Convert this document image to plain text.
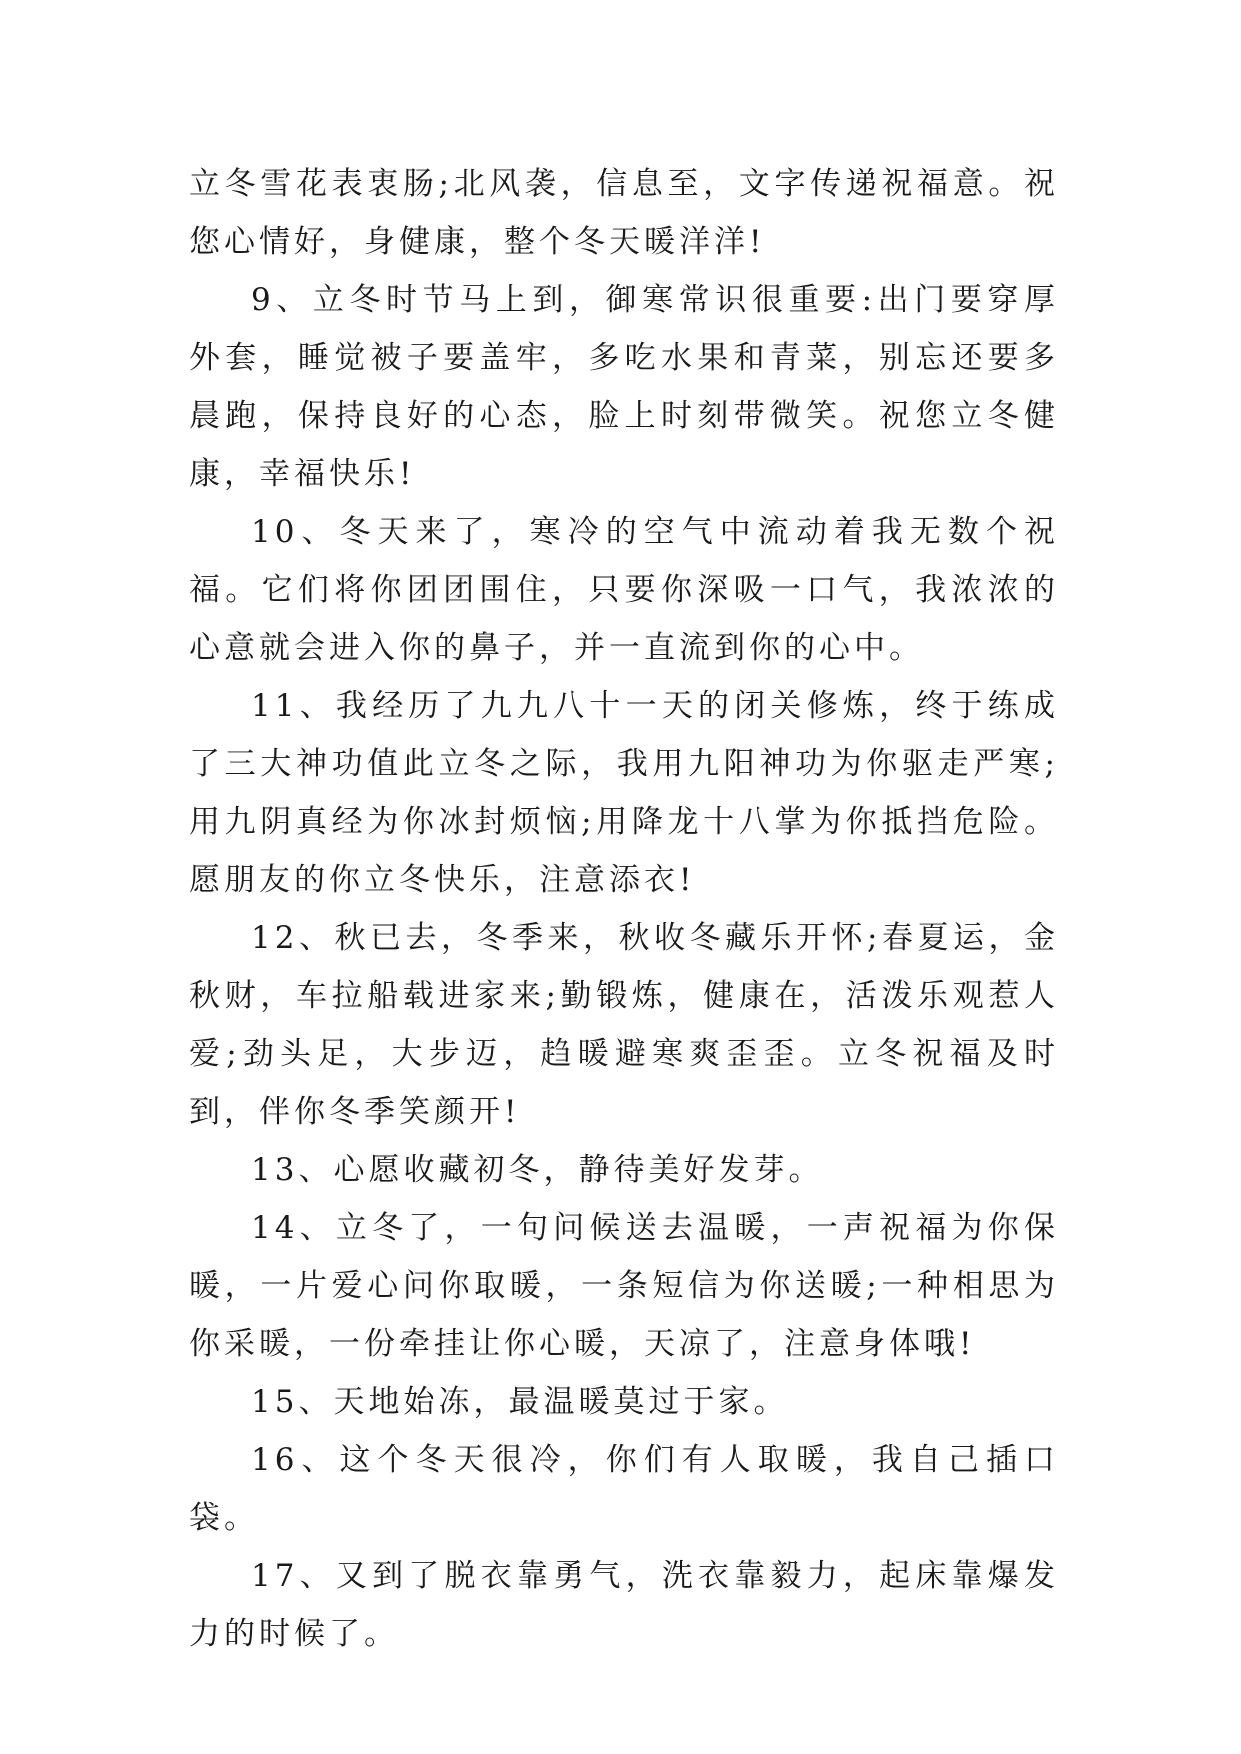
立冬雪花表衷肠;北风袭，信息至，文字传递祝福意。祝您心情好，身健康，整个冬天暖洋洋!

9、立冬时节马上到，御寒常识很重要:出门要穿厚外套，睡觉被子要盖牢，多吃水果和青菜，别忘还要多晨跑，保持良好的心态，脸上时刻带微笑。祝您立冬健康，幸福快乐!

10、冬天来了，寒冷的空气中流动着我无数个祝福。它们将你团团围住，只要你深吸一口气，我浓浓的心意就会进入你的鼻子，并一直流到你的心中。

11、我经历了九九八十一天的闭关修炼，终于练成了三大神功值此立冬之际，我用九阳神功为你驱走严寒;用九阴真经为你冰封烦恼;用降龙十八掌为你抵挡危险。愿朋友的你立冬快乐，注意添衣!

12、秋已去，冬季来，秋收冬藏乐开怀;春夏运，金秋财，车拉船载进家来;勤锻炼，健康在，活泼乐观惹人爱;劲头足，大步迈，趋暖避寒爽歪歪。立冬祝福及时到，伴你冬季笑颜开!

13、心愿收藏初冬，静待美好发芽。

14、立冬了，一句问候送去温暖，一声祝福为你保暖，一片爱心问你取暖，一条短信为你送暖;一种相思为你采暖，一份牵挂让你心暖，天凉了，注意身体哦!

15、天地始冻，最温暖莫过于家。

16、这个冬天很冷，你们有人取暖，我自己插口袋。

17、又到了脱衣靠勇气，洗衣靠毅力，起床靠爆发力的时候了。
